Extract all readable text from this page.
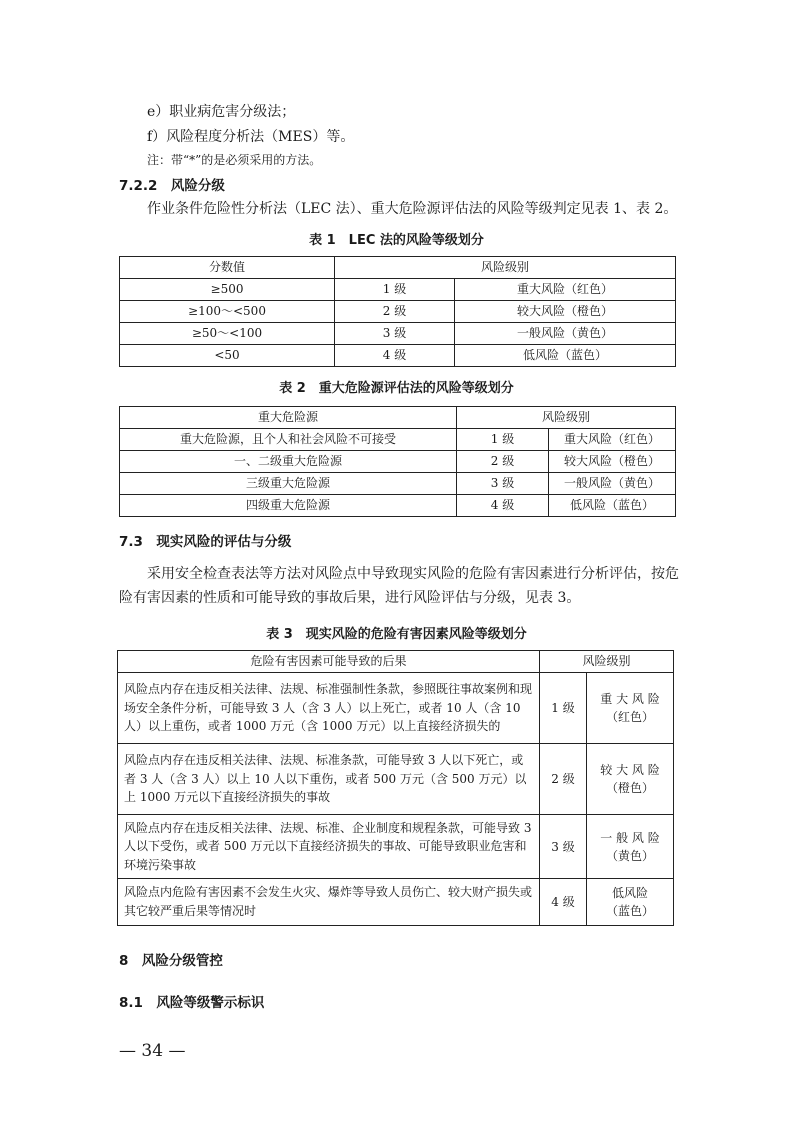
e）职业病危害分级法；
f）风险程度分析法（MES）等。
注：带“*”的是必须采用的方法。
7.2.2　风险分级
作业条件危险性分析法（LEC 法）、重大危险源评估法的风险等级判定见表 1、表 2。
表 1　LEC 法的风险等级划分
分数值	风险级别	
≥500	1 级	重大风险（红色）
≥100～<500	2 级	较大风险（橙色）
≥50～<100	3 级	一般风险（黄色）
<50	4 级	低风险（蓝色）
表 2　重大危险源评估法的风险等级划分
重大危险源	风险级别	
重大危险源，且个人和社会风险不可接受	1 级	重大风险（红色）
一、二级重大危险源	2 级	较大风险（橙色）
三级重大危险源	3 级	一般风险（黄色）
四级重大危险源	4 级	低风险（蓝色）
7.3　现实风险的评估与分级
采用安全检查表法等方法对风险点中导致现实风险的危险有害因素进行分析评估，按危
险有害因素的性质和可能导致的事故后果，进行风险评估与分级，见表 3。
表 3　现实风险的危险有害因素风险等级划分
危险有害因素可能导致的后果	风险级别	
风险点内存在违反相关法律、法规、标准强制性条款，参照既往事故案例和现场安全条件分析，可能导致 3 人（含 3 人）以上死亡，或者 10 人（含 10 人）以上重伤，或者 1000 万元（含 1000 万元）以上直接经济损失的	1 级	重 大 风 险
（红色）

风险点内存在违反相关法律、法规、标准条款，可能导致 3 人以下死亡，或者 3 人（含 3 人）以上 10 人以下重伤，或者 500 万元（含 500 万元）以上 1000 万元以下直接经济损失的事故	2 级	较 大 风 险
（橙色）

风险点内存在违反相关法律、法规、标准、企业制度和规程条款，可能导致 3 人以下受伤，或者 500 万元以下直接经济损失的事故、可能导致职业危害和环境污染事故	3 级	一 般 风 险
（黄色）

风险点内危险有害因素不会发生火灾、爆炸等导致人员伤亡、较大财产损失或其它较严重后果等情况时	4 级	低风险
（蓝色）
8　风险分级管控
8.1　风险等级警示标识
— 34 —
